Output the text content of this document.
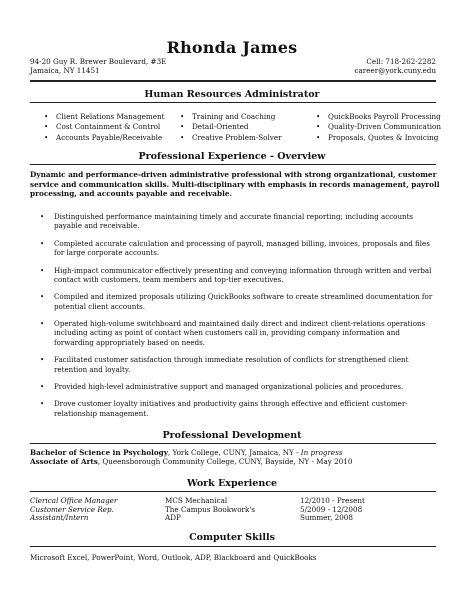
Rhonda James
94-20 Guy R. Brewer Boulevard, #3E
Jamaica, NY 11451
Cell: 718-262-2282
career@york.cuny.edu
Human Resources Administrator
• Client Relations Management
• Cost Containment & Control
• Accounts Payable/Receivable
• Training and Coaching
• Detail-Oriented
• Creative Problem-Solver
• QuickBooks Payroll Processing
• Quality-Driven Communication
• Proposals, Quotes & Invoicing
Professional Experience - Overview
Dynamic and performance-driven administrative professional with strong organizational, customer service and communication skills. Multi-disciplinary with emphasis in records management, payroll processing, and accounts payable and receivable.
• Distinguished performance maintaining timely and accurate financial reporting; including accounts payable and receivable.
• Completed accurate calculation and processing of payroll, managed billing, invoices, proposals and files for large corporate accounts.
• High-impact communicator effectively presenting and conveying information through written and verbal contact with customers, team members and top-tier executives.
• Compiled and itemized proposals utilizing QuickBooks software to create streamlined documentation for potential client accounts.
• Operated high-volume switchboard and maintained daily direct and indirect client-relations operations including acting as point of contact when customers call in, providing company information and forwarding appropriately based on needs.
• Facilitated customer satisfaction through immediate resolution of conflicts for strengthened client retention and loyalty.
• Provided high-level administrative support and managed organizational policies and procedures.
• Drove customer loyalty initiatives and productivity gains through effective and efficient customer-relationship management.
Professional Development
Bachelor of Science in Psychology, York College, CUNY, Jamaica, NY - In progress
Associate of Arts, Queensborough Community College, CUNY, Bayside, NY - May 2010
Work Experience
Clerical Office Manager
Customer Service Rep.
Assistant/Intern
MCS Mechanical
The Campus Bookwork's
ADP
12/2010 - Present
5/2009 - 12/2008
Summer, 2008
Computer Skills
Microsoft Excel, PowerPoint, Word, Outlook, ADP, Blackboard and QuickBooks
